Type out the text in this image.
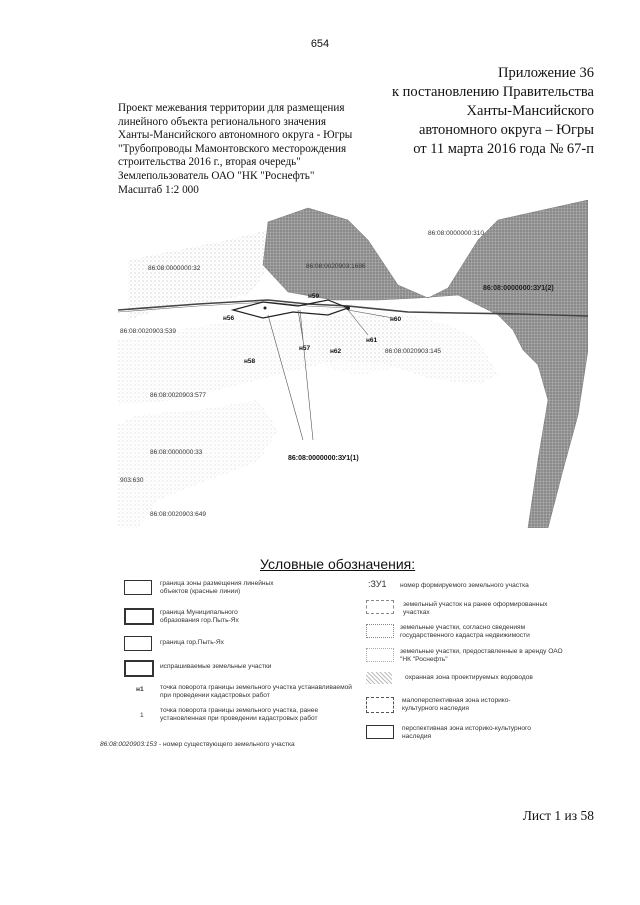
654
Приложение 36
к постановлению Правительства
Ханты-Мансийского
автономного округа – Югры
от 11 марта 2016 года № 67-п
Проект межевания территории для размещения
линейного объекта регионального значения
Ханты-Мансийского автономного округа - Югры
"Трубопроводы Мамонтовского месторождения
строительства 2016 г., вторая очередь"
Землепользователь ОАО "НК "Роснефть"
Масштаб 1:2 000
86:08:0000000:310
86:08:0020903:1686
86:08:0000000:32
86:08:0000000:ЗУ1(2)
86:08:0020903:539
86:08:0020903:145
86:08:0020903:577
86:08:0000000:33
903:630
86:08:0020903:649
86:08:0000000:ЗУ1(1)
н56
н57
н58
н59
н60
н61
н62
Условные обозначения:
граница зоны размещения линейных объектов (красные линии)
граница Муниципального образования гор.Пыть-Ях
граница гор.Пыть-Ях
испрашиваемые земельные участки
н1 точка поворота границы земельного участка устанавливаемой при проведении кадастровых работ
1
точка поворота границы земельного участка, ранее установленная при проведении кадастровых работ
86:08:0020903:153 - номер существующего земельного участка
:ЗУ1 номер формируемого земельного участка
земельный участок на ранее оформированных участках
земельные участки, согласно сведениям государственного кадастра недвижимости
земельные участки, предоставленные в аренду ОАО "НК "Роснефть"
охранная зона проектируемых водоводов
малоперспективная зона историко-культурного наследия
перспективная зона историко-культурного наследия
Лист 1 из 58
